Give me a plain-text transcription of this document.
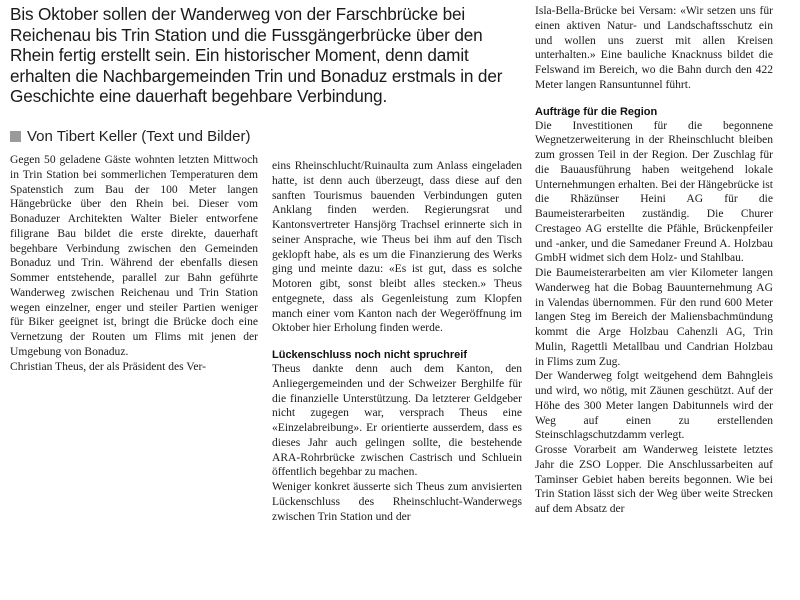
Bis Oktober sollen der Wanderweg von der Farschbrücke bei Reichenau bis Trin Station und die Fussgängerbrücke über den Rhein fertig erstellt sein. Ein historischer Moment, denn damit erhalten die Nachbargemeinden Trin und Bonaduz erstmals in der Geschichte eine dauerhaft begehbare Verbindung.

Von Tibert Keller (Text und Bilder)

Gegen 50 geladene Gäste wohnten letzten Mittwoch in Trin Station bei sommerlichen Temperaturen dem Spatenstich zum Bau der 100 Meter langen Hängebrücke über den Rhein bei. Dieser vom Bonaduzer Architekten Walter Bieler entworfene filigrane Bau bildet die erste direkte, dauerhaft begehbare Verbindung zwischen den Gemeinden Bonaduz und Trin. Während der ebenfalls diesen Sommer entstehende, parallel zur Bahn geführte Wanderweg zwischen Reichenau und Trin Station wegen einzelner, enger und steiler Partien weniger für Biker geeignet ist, bringt die Brücke doch eine Vernetzung der Routen um Flims mit jenen der Umgebung von Bonaduz.

Christian Theus, der als Präsident des Ver-

eins Rheinschlucht/Ruinaulta zum Anlass eingeladen hatte, ist denn auch überzeugt, dass diese auf den sanften Tourismus bauenden Verbindungen guten Anklang finden werden. Regierungsrat und Kantonsvertreter Hansjörg Trachsel erinnerte sich in seiner Ansprache, wie Theus bei ihm auf den Tisch geklopft habe, als es um die Finanzierung des Werks ging und meinte dazu: «Es ist gut, dass es solche Motoren gibt, sonst bleibt alles stecken.» Theus entgegnete, dass als Gegenleistung zum Klopfen manch einer vom Kanton nach der Wegeröffnung im Oktober hier Erholung finden werde.

Lückenschluss noch nicht spruchreif

Theus dankte denn auch dem Kanton, den Anliegergemeinden und der Schweizer Berghilfe für die finanzielle Unterstützung. Da letzterer Geldgeber nicht zugegen war, versprach Theus eine «Einzelabreibung». Er orientierte ausserdem, dass es dieses Jahr auch gelingen sollte, die bestehende ARA-Rohrbrücke zwischen Castrisch und Schluein öffentlich begehbar zu machen.

Weniger konkret äusserte sich Theus zum anvisierten Lückenschluss des Rheinschlucht-Wanderwegs zwischen Trin Station und der

Isla-Bella-Brücke bei Versam: «Wir setzen uns für einen aktiven Natur- und Landschaftsschutz ein und wollen uns zuerst mit allen Kreisen unterhalten.» Eine bauliche Knacknuss bildet die Felswand im Bereich, wo die Bahn durch den 422 Meter langen Ransuntunnel führt.

Aufträge für die Region

Die Investitionen für die begonnene Wegnetzerweiterung in der Rheinschlucht bleiben zum grossen Teil in der Region. Der Zuschlag für die Bauausführung haben weitgehend lokale Unternehmungen erhalten. Bei der Hängebrücke ist die Rhäzünser Heini AG für die Baumeisterarbeiten zuständig. Die Churer Crestageo AG erstellte die Pfähle, Brückenpfeiler und -anker, und die Samedaner Freund A. Holzbau GmbH widmet sich dem Holz- und Stahlbau.

Die Baumeisterarbeiten am vier Kilometer langen Wanderweg hat die Bobag Bauunternehmung AG in Valendas übernommen. Für den rund 600 Meter langen Steg im Bereich der Maliensbachmündung kommt die Arge Holzbau Cahenzli AG, Trin Mulin, Ragettli Metallbau und Candrian Holzbau in Flims zum Zug.

Der Wanderweg folgt weitgehend dem Bahngleis und wird, wo nötig, mit Zäunen geschützt. Auf der Höhe des 300 Meter langen Dabitunnels wird der Weg auf einen zu erstellenden Steinschlagschutzdamm verlegt.

Grosse Vorarbeit am Wanderweg leistete letztes Jahr die ZSO Lopper. Die Anschlussarbeiten auf Taminser Gebiet haben bereits begonnen. Wie bei Trin Station lässt sich der Weg über weite Strecken auf dem Absatz der
